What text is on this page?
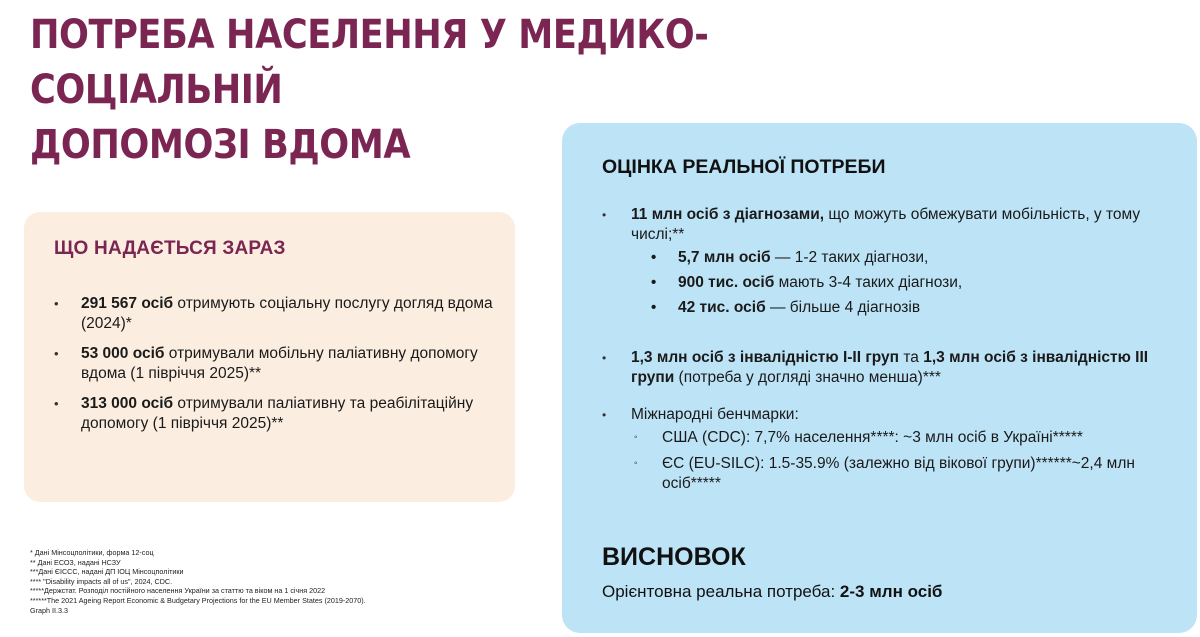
ПОТРЕБА НАСЕЛЕННЯ У МЕДИКО-СОЦІАЛЬНІЙ
ДОПОМОЗІ ВДОМА
ЩО НАДАЄТЬСЯ ЗАРАЗ
• 291 567 осіб отримують соціальну послугу догляд вдома (2024)*
• 53 000 осіб отримували мобільну паліативну допомогу вдома (1 півріччя 2025)**
• 313 000 осіб отримували паліативну та реабілітаційну допомогу (1 півріччя 2025)**
* Дані Мінсоцполітики, форма 12-соц
** Дані ЕСОЗ, надані НСЗУ
***Дані ЄІССС, надані ДП ІОЦ Мінсоцполітики
**** "Disability impacts all of us", 2024, CDC.
*****Держстат. Розподіл постійного населення України за статтю та віком на 1 січня 2022
******The 2021 Ageing Report Economic & Budgetary Projections for the EU Member States (2019-2070).
Graph II.3.3
ОЦІНКА РЕАЛЬНОЇ ПОТРЕБИ
• 11 млн осіб з діагнозами, що можуть обмежувати мобільність, у тому числі;**
• 5,7 млн осіб — 1-2 таких діагнози,
• 900 тис. осіб мають 3-4 таких діагнози,
• 42 тис. осіб — більше 4 діагнозів
• 1,3 млн осіб з інвалідністю I-II груп та 1,3 млн осіб з інвалідністю III групи (потреба у догляді значно менша)***
• Міжнародні бенчмарки:
◦ США (CDC): 7,7% населення****: ~3 млн осіб в Україні*****
◦ ЄС (EU-SILC): 1.5-35.9% (залежно від вікової групи)******~2,4 млн осіб*****
ВИСНОВОК
Орієнтовна реальна потреба: 2-3 млн осіб
